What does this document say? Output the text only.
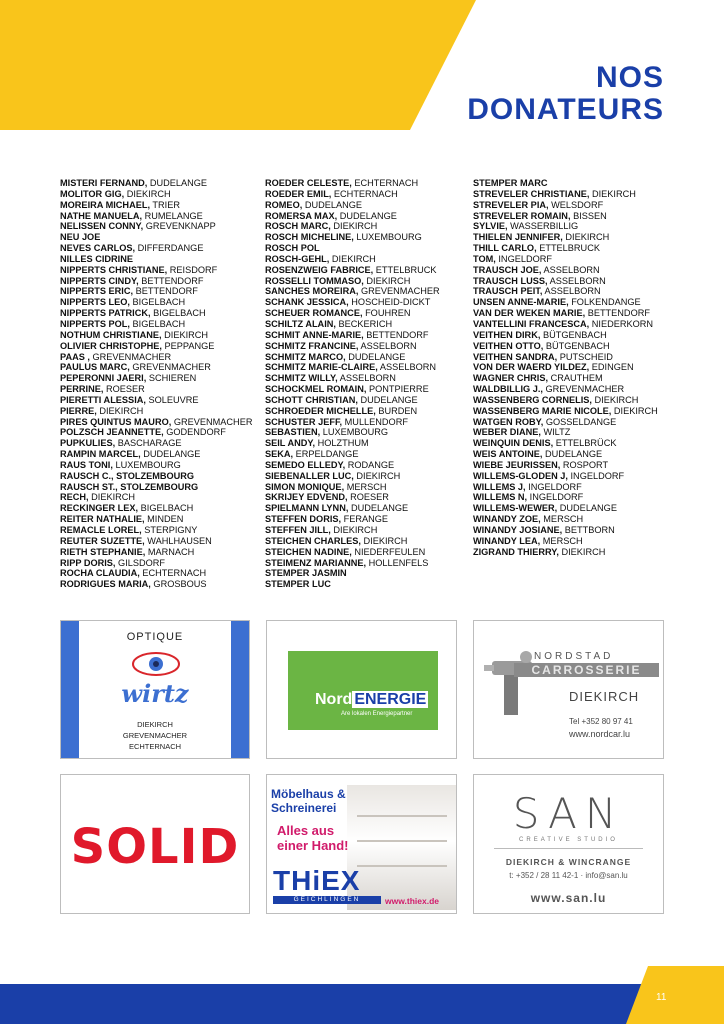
NOS
DONATEURS
MISTERI FERNAND, DUDELANGE
MOLITOR GIG, DIEKIRCH
MOREIRA MICHAEL, TRIER
NATHE MANUELA, RUMELANGE
NELISSEN CONNY, GREVENKNAPP
NEU JOE
NEVES CARLOS, DIFFERDANGE
NILLES CIDRINE
NIPPERTS CHRISTIANE, REISDORF
NIPPERTS CINDY, BETTENDORF
NIPPERTS ERIC, BETTENDORF
NIPPERTS LEO, BIGELBACH
NIPPERTS PATRICK, BIGELBACH
NIPPERTS POL, BIGELBACH
NOTHUM CHRISTIANE, DIEKIRCH
OLIVIER CHRISTOPHE, PEPPANGE
PAAS , GREVENMACHER
PAULUS MARC, GREVENMACHER
PEPERONNI JAERI, SCHIEREN
PERRINE, ROESER
PIERETTI ALESSIA, SOLEUVRE
PIERRE, DIEKIRCH
PIRES QUINTUS MAURO, GREVENMACHER
POLZSCH JEANNETTE, GODENDORF
PUPKULIES, BASCHARAGE
RAMPIN MARCEL, DUDELANGE
RAUS TONI, LUXEMBOURG
RAUSCH C., STOLZEMBOURG
RAUSCH ST., STOLZEMBOURG
RECH, DIEKIRCH
RECKINGER LEX, BIGELBACH
REITER NATHALIE, MINDEN
REMACLE LOREL, STERPIGNY
REUTER SUZETTE, WAHLHAUSEN
RIETH STEPHANIE, MARNACH
RIPP DORIS, GILSDORF
ROCHA CLAUDIA, ECHTERNACH
RODRIGUES MARIA, GROSBOUS
ROEDER CELESTE, ECHTERNACH
ROEDER EMIL, ECHTERNACH
ROMEO, DUDELANGE
ROMERSA MAX, DUDELANGE
ROSCH MARC, DIEKIRCH
ROSCH MICHELINE, LUXEMBOURG
ROSCH POL
ROSCH-GEHL, DIEKIRCH
ROSENZWEIG FABRICE, ETTELBRUCK
ROSSELLI TOMMASO, DIEKIRCH
SANCHES MOREIRA, GREVENMACHER
SCHANK JESSICA, HOSCHEID-DICKT
SCHEUER ROMANCE, FOUHREN
SCHILTZ ALAIN, BECKERICH
SCHMIT ANNE-MARIE, BETTENDORF
SCHMITZ FRANCINE, ASSELBORN
SCHMITZ MARCO, DUDELANGE
SCHMITZ MARIE-CLAIRE, ASSELBORN
SCHMITZ WILLY, ASSELBORN
SCHOCKMEL ROMAIN, PONTPIERRE
SCHOTT CHRISTIAN, DUDELANGE
SCHROEDER MICHELLE, BURDEN
SCHUSTER JEFF, MULLENDORF
SEBASTIEN, LUXEMBOURG
SEIL ANDY, HOLZTHUM
SEKA, ERPELDANGE
SEMEDO ELLEDY, RODANGE
SIEBENALLER LUC, DIEKIRCH
SIMON MONIQUE, MERSCH
SKRIJEY EDVEND, ROESER
SPIELMANN LYNN, DUDELANGE
STEFFEN DORIS, FERANGE
STEFFEN JILL, DIEKIRCH
STEICHEN CHARLES, DIEKIRCH
STEICHEN NADINE, NIEDERFEULEN
STEIMENZ MARIANNE, HOLLENFELS
STEMPER JASMIN
STEMPER LUC
STEMPER MARC
STREVELER CHRISTIANE, DIEKIRCH
STREVELER PIA, WELSDORF
STREVELER ROMAIN, BISSEN
SYLVIE, WASSERBILLIG
THIELEN JENNIFER, DIEKIRCH
THILL CARLO, ETTELBRUCK
TOM, INGELDORF
TRAUSCH JOE, ASSELBORN
TRAUSCH LUSS, ASSELBORN
TRAUSCH PEIT, ASSELBORN
UNSEN ANNE-MARIE, FOLKENDANGE
VAN DER WEKEN MARIE, BETTENDORF
VANTELLINI FRANCESCA, NIEDERKORN
VEITHEN DIRK, BÜTGENBACH
VEITHEN OTTO, BÜTGENBACH
VEITHEN SANDRA, PUTSCHEID
VON DER WAERD YILDEZ, EDINGEN
WAGNER CHRIS, CRAUTHEM
WALDBILLIG J., GREVENMACHER
WASSENBERG CORNELIS, DIEKIRCH
WASSENBERG MARIE NICOLE, DIEKIRCH
WATGEN ROBY, GOSSELDANGE
WEBER DIANE, WILTZ
WEINQUIN DENIS, ETTELBRÜCK
WEIS ANTOINE, DUDELANGE
WIEBE JEURISSEN, ROSPORT
WILLEMS-GLODEN J, INGELDORF
WILLEMS J, INGELDORF
WILLEMS N, INGELDORF
WILLEMS-WEWER, DUDELANGE
WINANDY ZOE, MERSCH
WINANDY JOSIANE, BETTBORN
WINANDY LEA, MERSCH
ZIGRAND THIERRY, DIEKIRCH
OPTIQUE
wirtz
DIEKIRCH
GREVENMACHER
ECHTERNACH
Nord ENERGIE
Are lokalen Energiepartner
NORDSTAD
CARROSSERIE
DIEKIRCH
Tel +352 80 97 41
www.nordcar.lu
SOLID
Möbelhaus &
Schreinerei
Alles aus
einer Hand!
THiEX
GEICHLINGEN	www.thiex.de
SAN
CREATIVE STUDIO
DIEKIRCH & WINCRANGE
t: +352 / 28 11 42-1 · info@san.lu
www.san.lu
11
